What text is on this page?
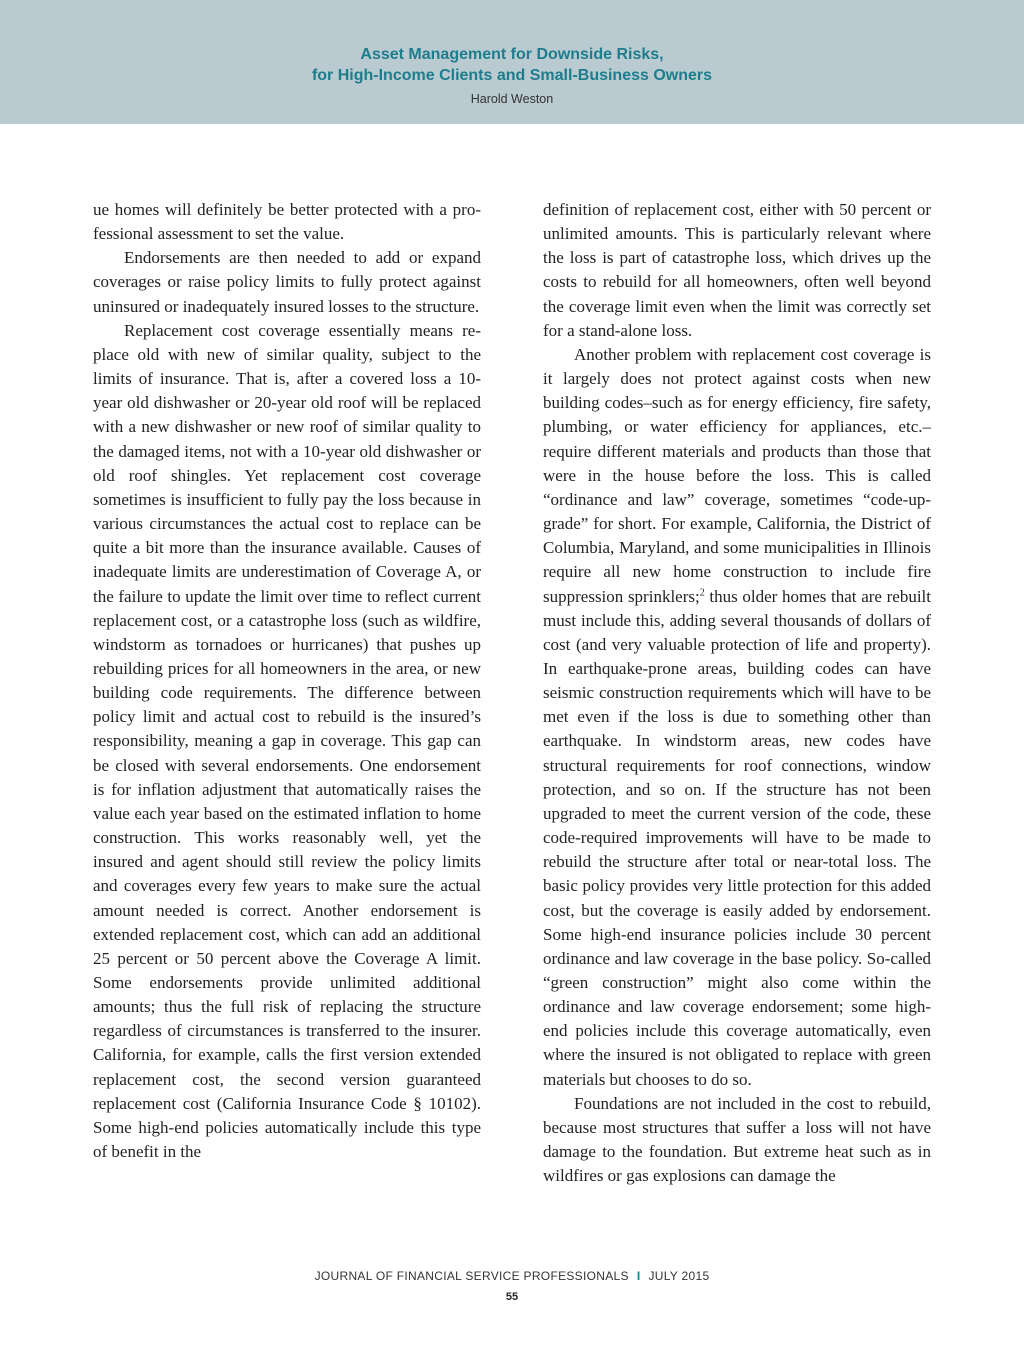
Asset Management for Downside Risks,
for High-Income Clients and Small-Business Owners
Harold Weston

ue homes will definitely be better protected with a professional assessment to set the value.

Endorsements are then needed to add or expand coverages or raise policy limits to fully protect against uninsured or inadequately insured losses to the structure.

Replacement cost coverage essentially means replace old with new of similar quality, subject to the limits of insurance. That is, after a covered loss a 10-year old dishwasher or 20-year old roof will be replaced with a new dishwasher or new roof of similar quality to the damaged items, not with a 10-year old dishwasher or old roof shingles. Yet replacement cost coverage sometimes is insufficient to fully pay the loss because in various circumstances the actual cost to replace can be quite a bit more than the insurance available. Causes of inadequate limits are underestimation of Coverage A, or the failure to update the limit over time to reflect current replacement cost, or a catastrophe loss (such as wildfire, windstorm as tornadoes or hurricanes) that pushes up rebuilding prices for all homeowners in the area, or new building code requirements. The difference between policy limit and actual cost to rebuild is the insured’s responsibility, meaning a gap in coverage. This gap can be closed with several endorsements. One endorsement is for inflation adjustment that automatically raises the value each year based on the estimated inflation to home construction. This works reasonably well, yet the insured and agent should still review the policy limits and coverages every few years to make sure the actual amount needed is correct. Another endorsement is extended replacement cost, which can add an additional 25 percent or 50 percent above the Coverage A limit. Some endorsements provide unlimited additional amounts; thus the full risk of replacing the structure regardless of circumstances is transferred to the insurer. California, for example, calls the first version extended replacement cost, the second version guaranteed replacement cost (California Insurance Code § 10102). Some high-end policies automatically include this type of benefit in the

definition of replacement cost, either with 50 percent or unlimited amounts. This is particularly relevant where the loss is part of catastrophe loss, which drives up the costs to rebuild for all homeowners, often well beyond the coverage limit even when the limit was correctly set for a stand-alone loss.

Another problem with replacement cost coverage is it largely does not protect against costs when new building codes–such as for energy efficiency, fire safety, plumbing, or water efficiency for appliances, etc.– require different materials and products than those that were in the house before the loss. This is called “ordinance and law” coverage, sometimes “code-upgrade” for short. For example, California, the District of Columbia, Maryland, and some municipalities in Illinois require all new home construction to include fire suppression sprinklers;$^2$ thus older homes that are rebuilt must include this, adding several thousands of dollars of cost (and very valuable protection of life and property). In earthquake-prone areas, building codes can have seismic construction requirements which will have to be met even if the loss is due to something other than earthquake. In windstorm areas, new codes have structural requirements for roof connections, window protection, and so on. If the structure has not been upgraded to meet the current version of the code, these code-required improvements will have to be made to rebuild the structure after total or near-total loss. The basic policy provides very little protection for this added cost, but the coverage is easily added by endorsement. Some high-end insurance policies include 30 percent ordinance and law coverage in the base policy. So-called “green construction” might also come within the ordinance and law coverage endorsement; some high-end policies include this coverage automatically, even where the insured is not obligated to replace with green materials but chooses to do so.

Foundations are not included in the cost to rebuild, because most structures that suffer a loss will not have damage to the foundation. But extreme heat such as in wildfires or gas explosions can damage the

JOURNAL OF FINANCIAL SERVICE PROFESSIONALS I JULY 2015
55
